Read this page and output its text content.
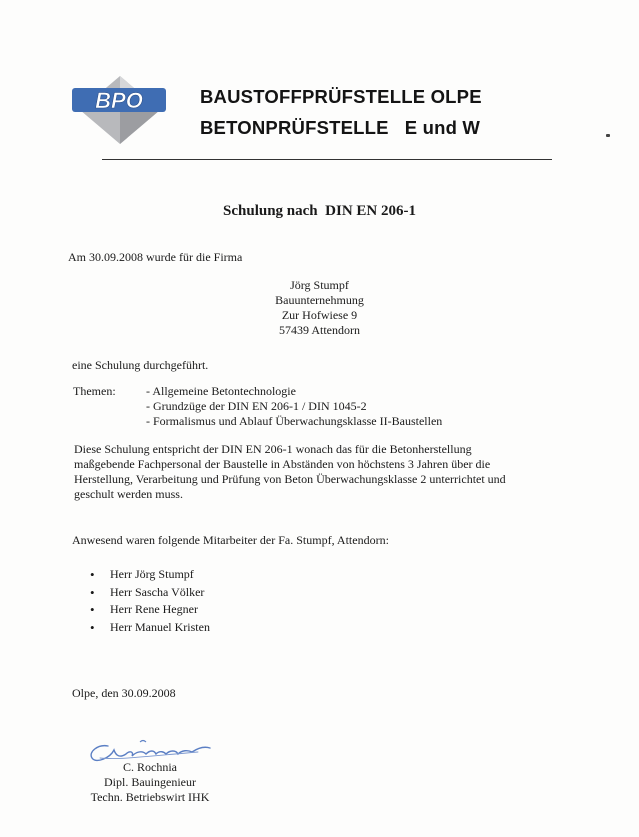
BPO	BAUSTOFFPRÜFSTELLE OLPE
BETONPRÜFSTELLE   E und W
Schulung nach  DIN EN 206-1
Am 30.09.2008 wurde für die Firma
Jörg Stumpf
Bauunternehmung
Zur Hofwiese 9
57439 Attendorn
eine Schulung durchgeführt.
Themen:	- Allgemeine Betontechnologie
- Grundzüge der DIN EN 206-1 / DIN 1045-2
- Formalismus und Ablauf Überwachungsklasse II-Baustellen
Diese Schulung entspricht der DIN EN 206-1 wonach das für die Betonherstellung
maßgebende Fachpersonal der Baustelle in Abständen von höchstens 3 Jahren über die
Herstellung, Verarbeitung und Prüfung von Beton Überwachungsklasse 2 unterrichtet und
geschult werden muss.
Anwesend waren folgende Mitarbeiter der Fa. Stumpf, Attendorn:
• Herr Jörg Stumpf
• Herr Sascha Völker
• Herr Rene Hegner
• Herr Manuel Kristen
Olpe, den 30.09.2008
C. Rochnia
Dipl. Bauingenieur
Techn. Betriebswirt IHK
